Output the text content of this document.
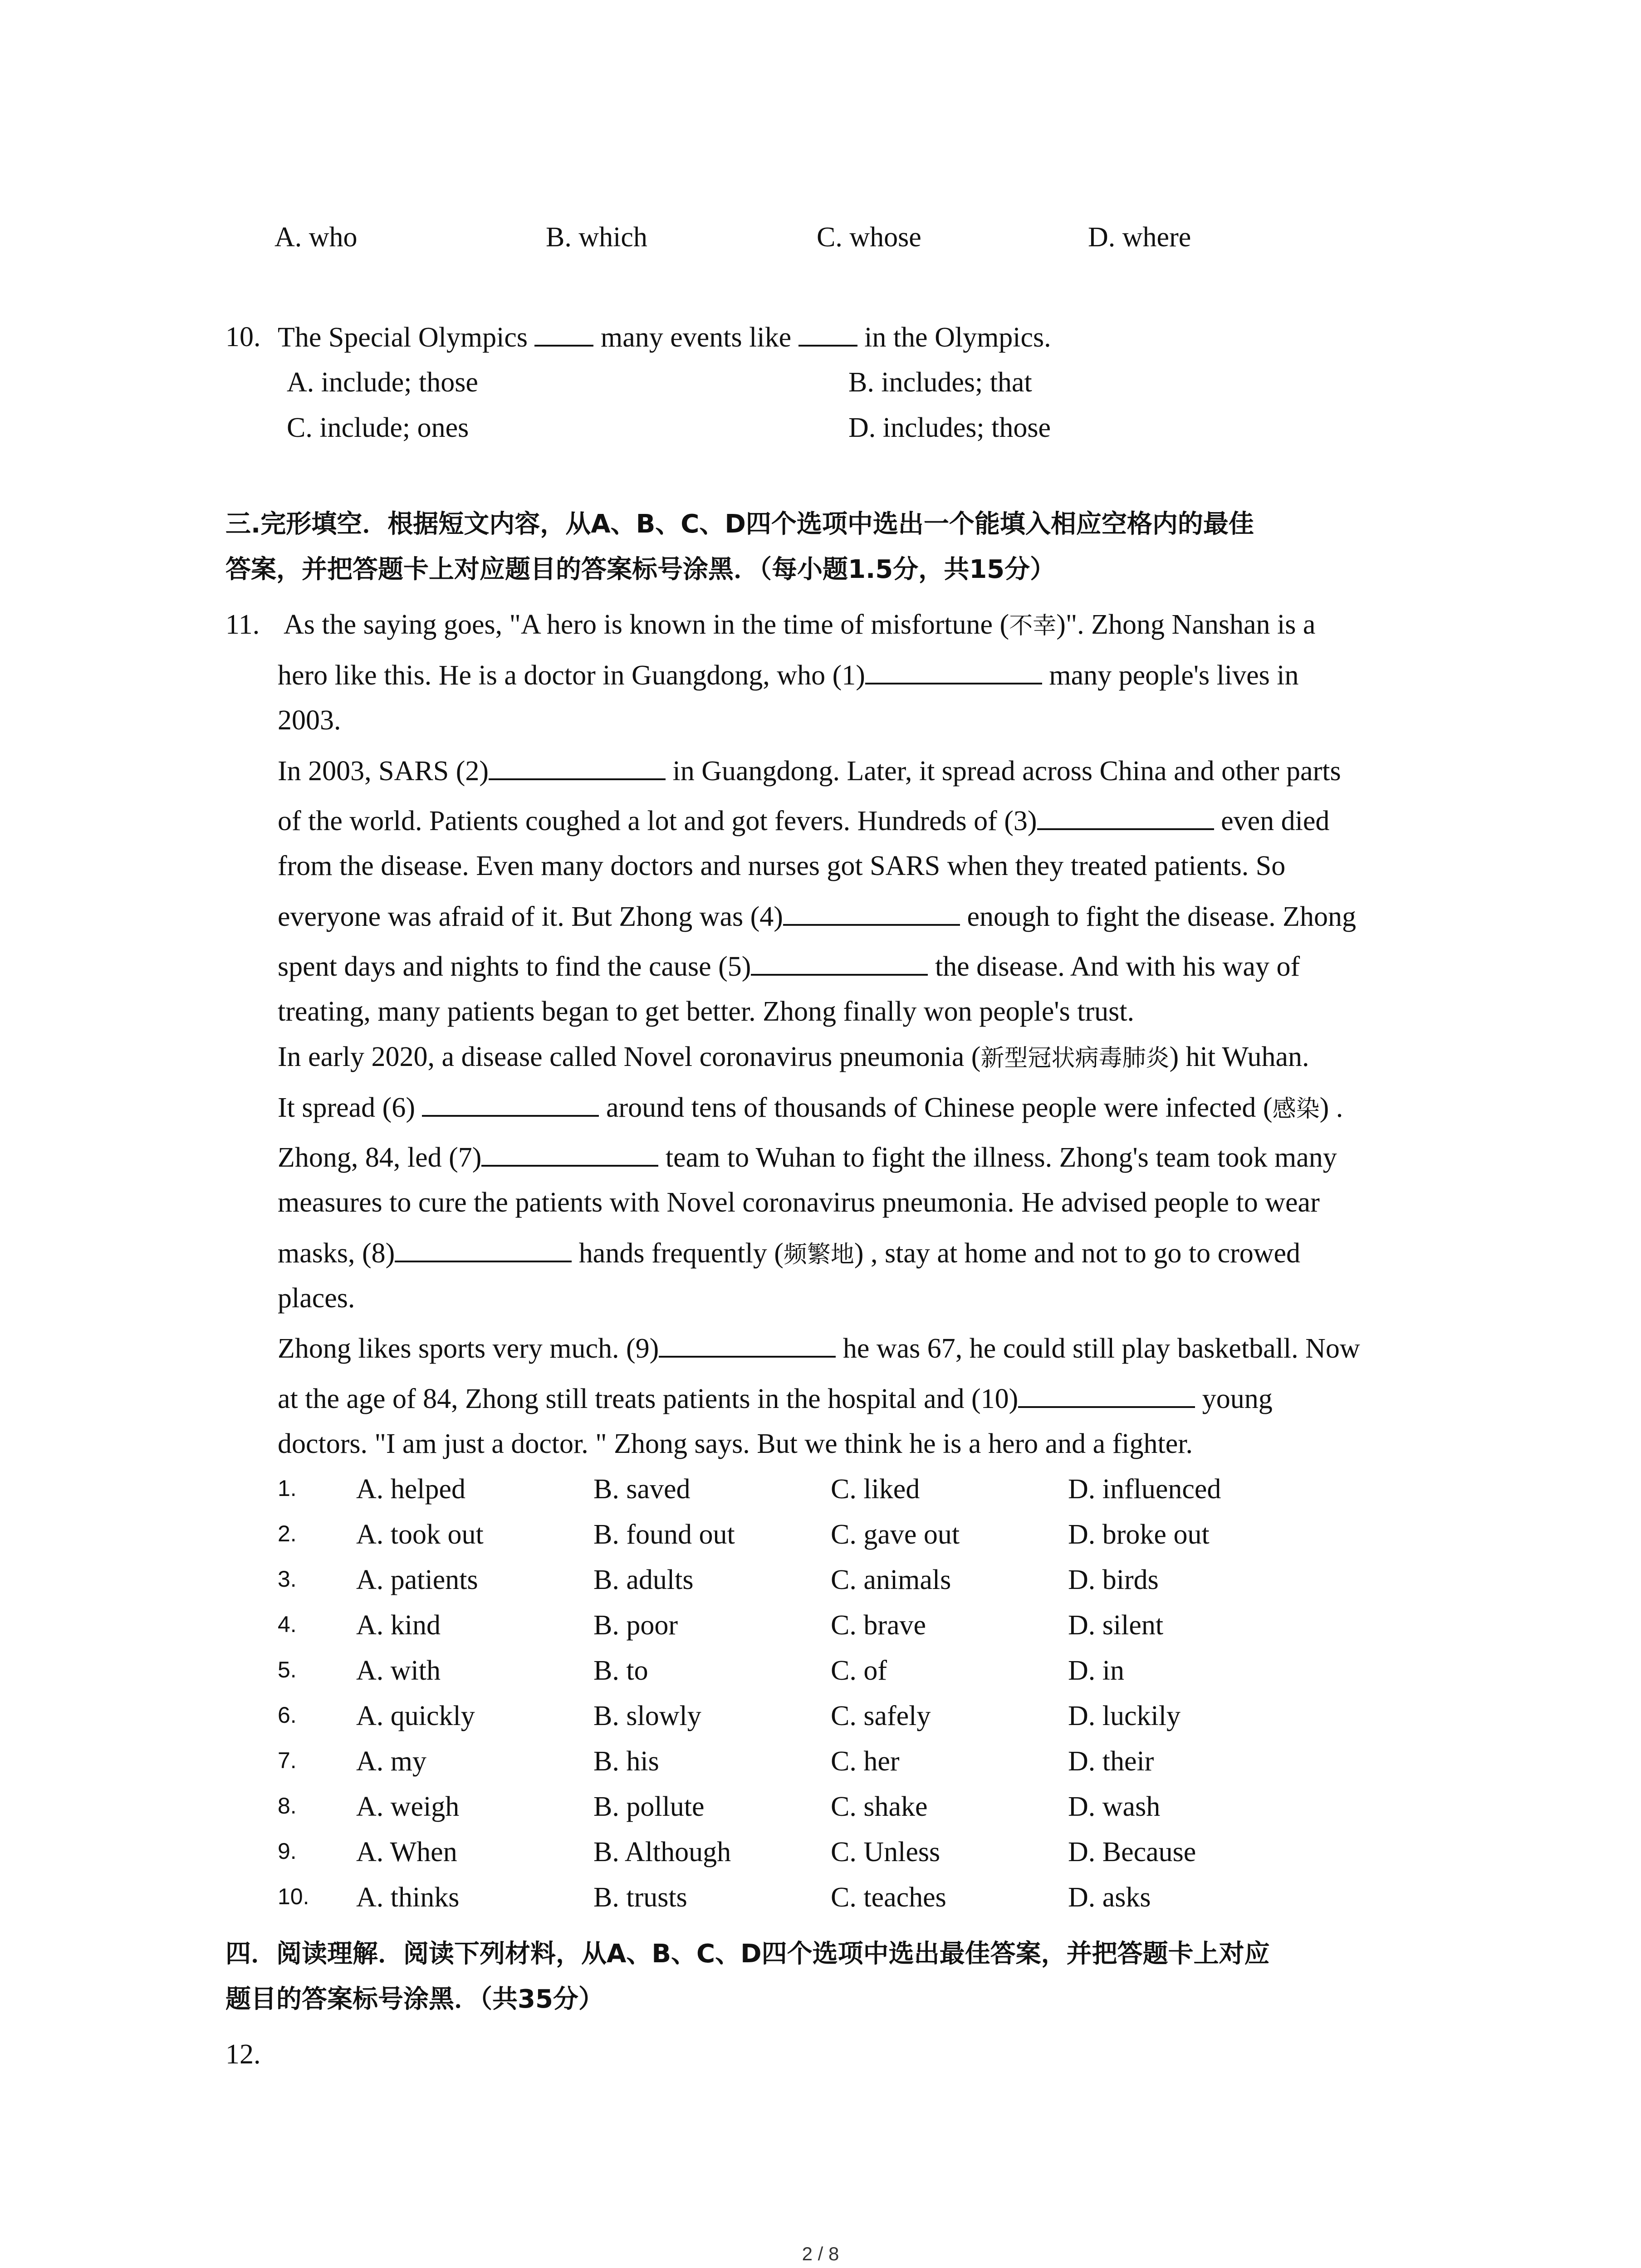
A. who	B. which	C. whose	D. where
10. The Special Olympics	many events like	in the Olympics.
A. include; those	B. includes; that
C. include; ones	D. includes; those
三.完形填空．根据短文内容，从A、B、C、D四个选项中选出一个能填入相应空格内的最佳
答案，并把答题卡上对应题目的答案标号涂黑．（每小题1.5分，共15分）
11. As the saying goes, "A hero is known in the time of misfortune (不幸)". Zhong Nanshan is a
hero like this. He is a doctor in Guangdong, who (1)	many people's lives in
2003.
In 2003, SARS (2)	in Guangdong. Later, it spread across China and other parts
of the world. Patients coughed a lot and got fevers. Hundreds of (3)	even died
from the disease. Even many doctors and nurses got SARS when they treated patients. So
everyone was afraid of it. But Zhong was (4)	enough to fight the disease. Zhong
spent days and nights to find the cause (5)	the disease. And with his way of
treating, many patients began to get better. Zhong finally won people's trust.
In early 2020, a disease called Novel coronavirus pneumonia (新型冠状病毒肺炎) hit Wuhan.
It spread (6)	around tens of thousands of Chinese people were infected (感染) .
Zhong, 84, led (7)	team to Wuhan to fight the illness. Zhong's team took many
measures to cure the patients with Novel coronavirus pneumonia. He advised people to wear
masks, (8)	hands frequently (频繁地) , stay at home and not to go to crowed
places.
Zhong likes sports very much. (9)	he was 67, he could still play basketball. Now
at the age of 84, Zhong still treats patients in the hospital and (10)	young
doctors. "I am just a doctor. " Zhong says. But we think he is a hero and a fighter.
1. A. helped	B. saved	C. liked	D. influenced
2. A. took out	B. found out	C. gave out	D. broke out
3. A. patients	B. adults	C. animals	D. birds
4. A. kind	B. poor	C. brave	D. silent
5. A. with	B. to	C. of	D. in
6. A. quickly	B. slowly	C. safely	D. luckily
7. A. my	B. his	C. her	D. their
8. A. weigh	B. pollute	C. shake	D. wash
9. A. When	B. Although	C. Unless	D. Because
10. A. thinks	B. trusts	C. teaches	D. asks
四．阅读理解．阅读下列材料，从A、B、C、D四个选项中选出最佳答案，并把答题卡上对应
题目的答案标号涂黑．（共35分）
12.
2 / 8
